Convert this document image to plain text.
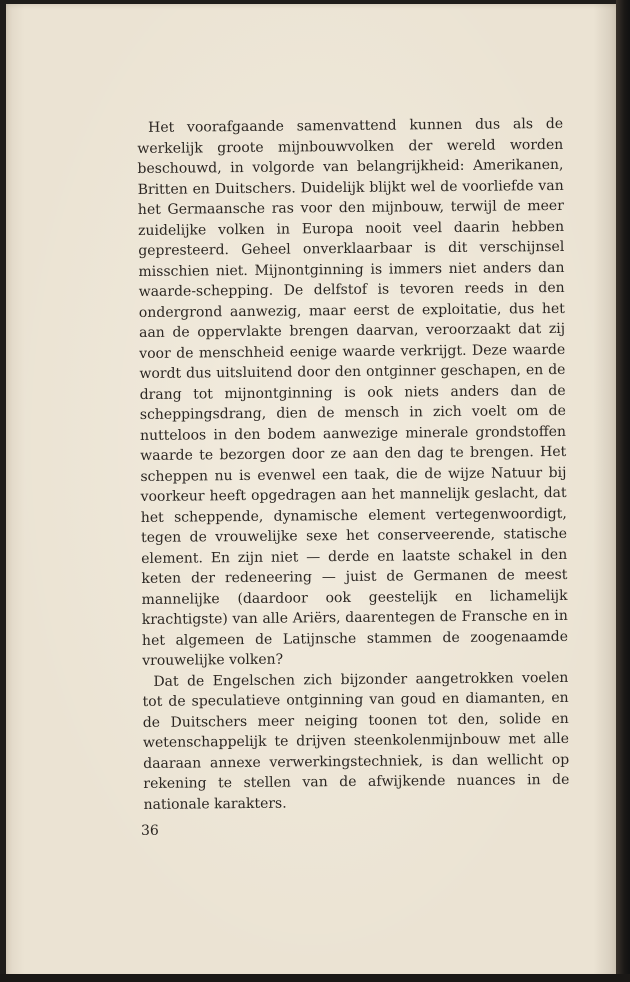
Het voorafgaande samenvattend kunnen dus als de werkelijk groote mijnbouwvolken der wereld worden beschouwd, in volgorde van belangrijkheid: Amerikanen, Britten en Duitschers. Duidelijk blijkt wel de voorliefde van het Germaansche ras voor den mijnbouw, terwijl de meer zuidelijke volken in Europa nooit veel daarin hebben gepresteerd. Geheel onverklaarbaar is dit verschijnsel misschien niet. Mijnontginning is immers niet anders dan waarde-schepping. De delfstof is tevoren reeds in den ondergrond aanwezig, maar eerst de exploitatie, dus het aan de oppervlakte brengen daarvan, veroorzaakt dat zij voor de menschheid eenige waarde verkrijgt. Deze waarde wordt dus uitsluitend door den ontginner geschapen, en de drang tot mijnontginning is ook niets anders dan de scheppingsdrang, dien de mensch in zich voelt om de nutteloos in den bodem aanwezige minerale grondstoffen waarde te bezorgen door ze aan den dag te brengen. Het scheppen nu is evenwel een taak, die de wijze Natuur bij voorkeur heeft opgedragen aan het mannelijk geslacht, dat het scheppende, dynamische element vertegenwoordigt, tegen de vrouwelijke sexe het conserveerende, statische element. En zijn niet — derde en laatste schakel in den keten der redeneering — juist de Germanen de meest mannelijke (daardoor ook geestelijk en lichamelijk krachtigste) van alle Ariërs, daarentegen de Fransche en in het algemeen de Latijnsche stammen de zoogenaamde vrouwelijke volken?

Dat de Engelschen zich bijzonder aangetrokken voelen tot de speculatieve ontginning van goud en diamanten, en de Duitschers meer neiging toonen tot den, solide en wetenschappelijk te drijven steenkolenmijnbouw met alle daaraan annexe verwerkingstechniek, is dan wellicht op rekening te stellen van de afwijkende nuances in de nationale karakters.

36
